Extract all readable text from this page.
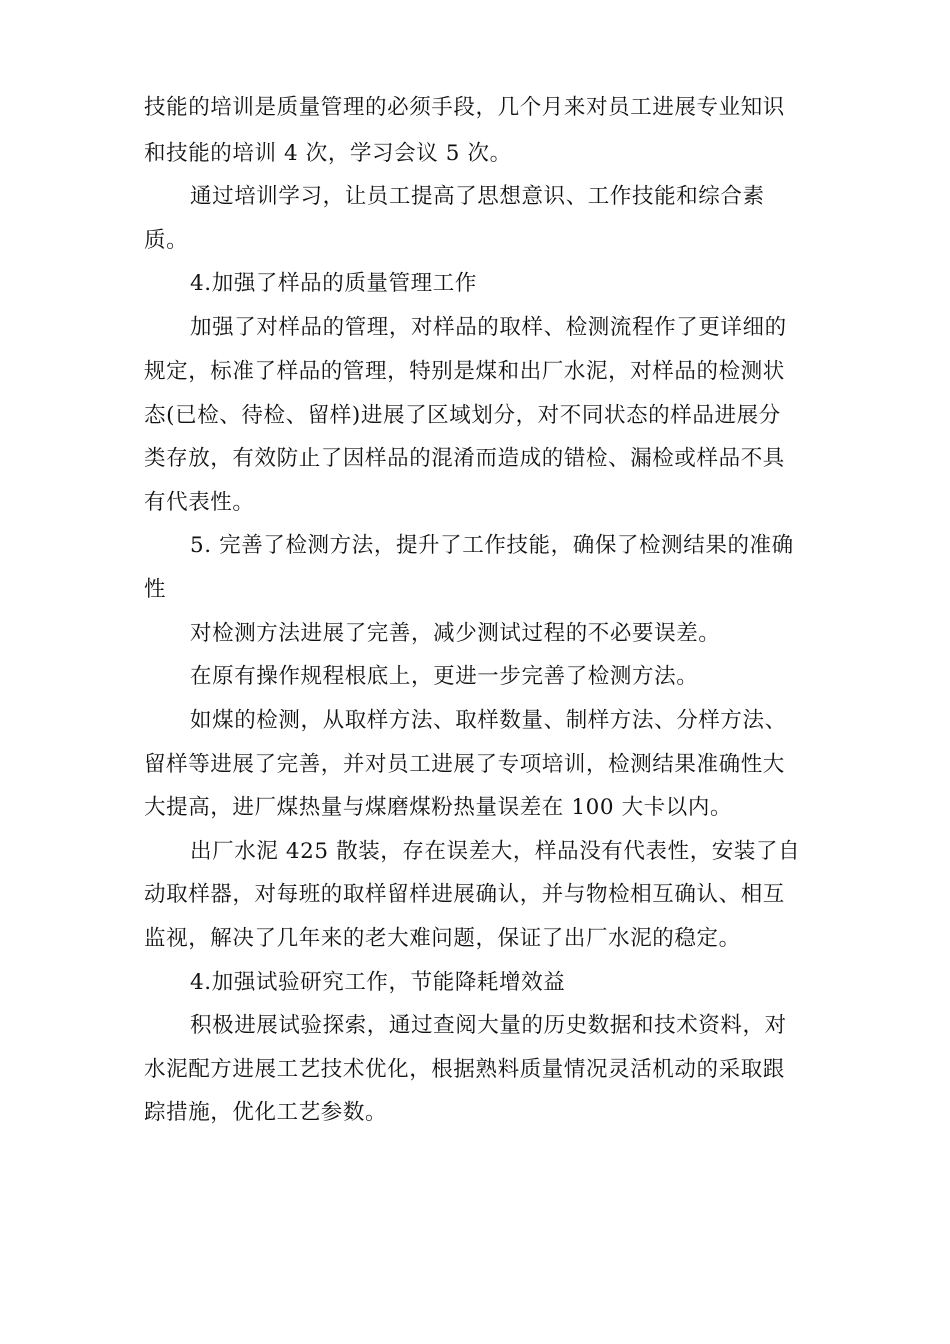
技能的培训是质量管理的必须手段，几个月来对员工进展专业知识
和技能的培训 4 次，学习会议 5 次。
通过培训学习，让员工提高了思想意识、工作技能和综合素
质。
4.加强了样品的质量管理工作
加强了对样品的管理，对样品的取样、检测流程作了更详细的
规定，标准了样品的管理，特别是煤和出厂水泥，对样品的检测状
态(已检、待检、留样)进展了区域划分，对不同状态的样品进展分
类存放，有效防止了因样品的混淆而造成的错检、漏检或样品不具
有代表性。
5. 完善了检测方法，提升了工作技能，确保了检测结果的准确
性
对检测方法进展了完善，减少测试过程的不必要误差。
在原有操作规程根底上，更进一步完善了检测方法。
如煤的检测，从取样方法、取样数量、制样方法、分样方法、
留样等进展了完善，并对员工进展了专项培训，检测结果准确性大
大提高，进厂煤热量与煤磨煤粉热量误差在 100 大卡以内。
出厂水泥 425 散装，存在误差大，样品没有代表性，安装了自
动取样器，对每班的取样留样进展确认，并与物检相互确认、相互
监视，解决了几年来的老大难问题，保证了出厂水泥的稳定。
4.加强试验研究工作，节能降耗增效益
积极进展试验探索，通过查阅大量的历史数据和技术资料，对
水泥配方进展工艺技术优化，根据熟料质量情况灵活机动的采取跟
踪措施，优化工艺参数。
